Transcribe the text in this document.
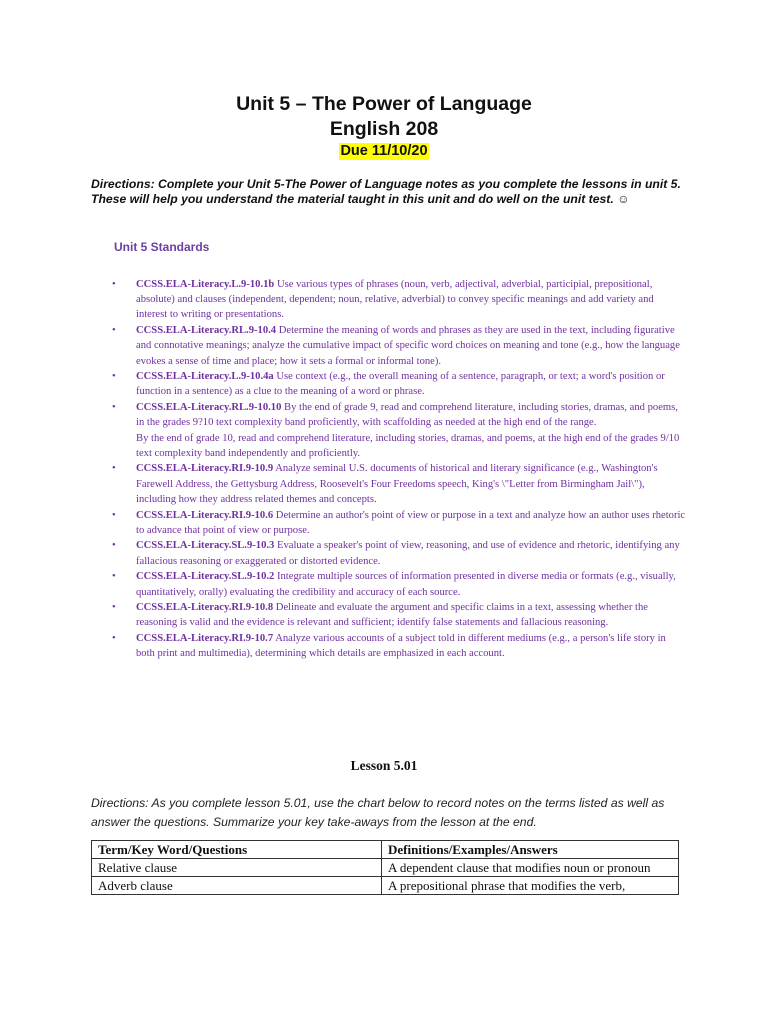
Unit 5 – The Power of Language
English 208
Due 11/10/20
Directions: Complete your Unit 5-The Power of Language notes as you complete the lessons in unit 5. These will help you understand the material taught in this unit and do well on the unit test. ☺
Unit 5 Standards
• CCSS.ELA-Literacy.L.9-10.1b Use various types of phrases (noun, verb, adjectival, adverbial, participial, prepositional, absolute) and clauses (independent, dependent; noun, relative, adverbial) to convey specific meanings and add variety and interest to writing or presentations.
• CCSS.ELA-Literacy.RL.9-10.4 Determine the meaning of words and phrases as they are used in the text, including figurative and connotative meanings; analyze the cumulative impact of specific word choices on meaning and tone (e.g., how the language evokes a sense of time and place; how it sets a formal or informal tone).
• CCSS.ELA-Literacy.L.9-10.4a Use context (e.g., the overall meaning of a sentence, paragraph, or text; a word's position or function in a sentence) as a clue to the meaning of a word or phrase.
• CCSS.ELA-Literacy.RL.9-10.10 By the end of grade 9, read and comprehend literature, including stories, dramas, and poems, in the grades 9?10 text complexity band proficiently, with scaffolding as needed at the high end of the range.
By the end of grade 10, read and comprehend literature, including stories, dramas, and poems, at the high end of the grades 9/10 text complexity band independently and proficiently.
• CCSS.ELA-Literacy.RI.9-10.9 Analyze seminal U.S. documents of historical and literary significance (e.g., Washington's Farewell Address, the Gettysburg Address, Roosevelt's Four Freedoms speech, King's \"Letter from Birmingham Jail\"), including how they address related themes and concepts.
• CCSS.ELA-Literacy.RI.9-10.6 Determine an author's point of view or purpose in a text and analyze how an author uses rhetoric to advance that point of view or purpose.
• CCSS.ELA-Literacy.SL.9-10.3 Evaluate a speaker's point of view, reasoning, and use of evidence and rhetoric, identifying any fallacious reasoning or exaggerated or distorted evidence.
• CCSS.ELA-Literacy.SL.9-10.2 Integrate multiple sources of information presented in diverse media or formats (e.g., visually, quantitatively, orally) evaluating the credibility and accuracy of each source.
• CCSS.ELA-Literacy.RI.9-10.8 Delineate and evaluate the argument and specific claims in a text, assessing whether the reasoning is valid and the evidence is relevant and sufficient; identify false statements and fallacious reasoning.
• CCSS.ELA-Literacy.RI.9-10.7 Analyze various accounts of a subject told in different mediums (e.g., a person's life story in both print and multimedia), determining which details are emphasized in each account.
Lesson 5.01
Directions: As you complete lesson 5.01, use the chart below to record notes on the terms listed as well as answer the questions. Summarize your key take-aways from the lesson at the end.
Term/Key Word/Questions	Definitions/Examples/Answers
Relative clause	A dependent clause that modifies noun or pronoun
Adverb clause	A prepositional phrase that modifies the verb,
